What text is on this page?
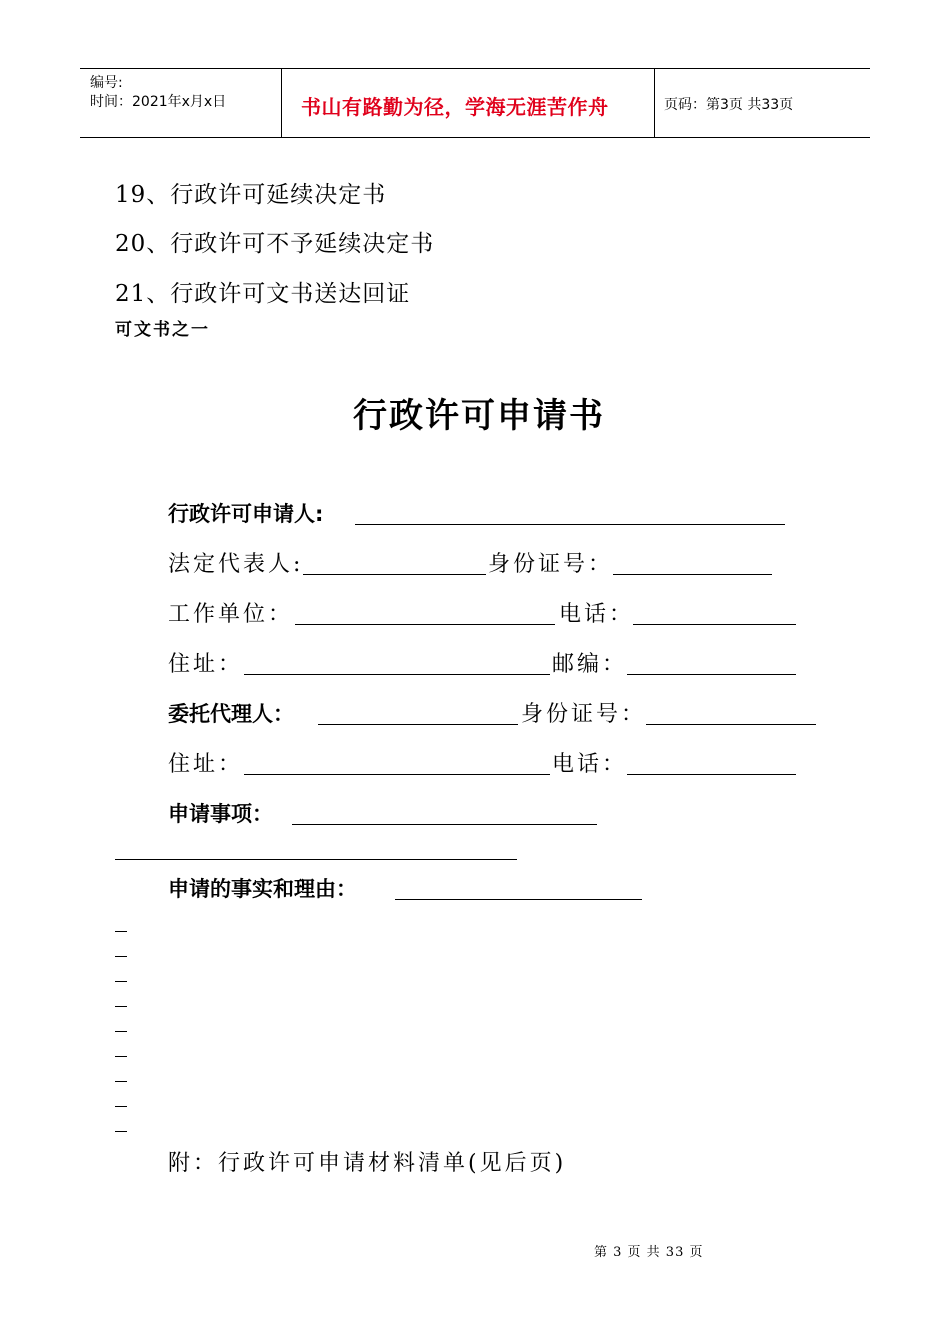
编号:
时间：2021年x月x日	书山有路勤为径，学海无涯苦作舟	页码：第3页 共33页
19、行政许可延续决定书
20、行政许可不予延续决定书
21、行政许可文书送达回证
可文书之一
行政许可申请书
行政许可申请人:
法定代表人:	身份证号：
工作单位：	电话：
住址：	邮编：
委托代理人：	身份证号：
住址：	电话：
申请事项：
申请的事实和理由：
附：行政许可申请材料清单(见后页)
第 3 页 共 33 页
